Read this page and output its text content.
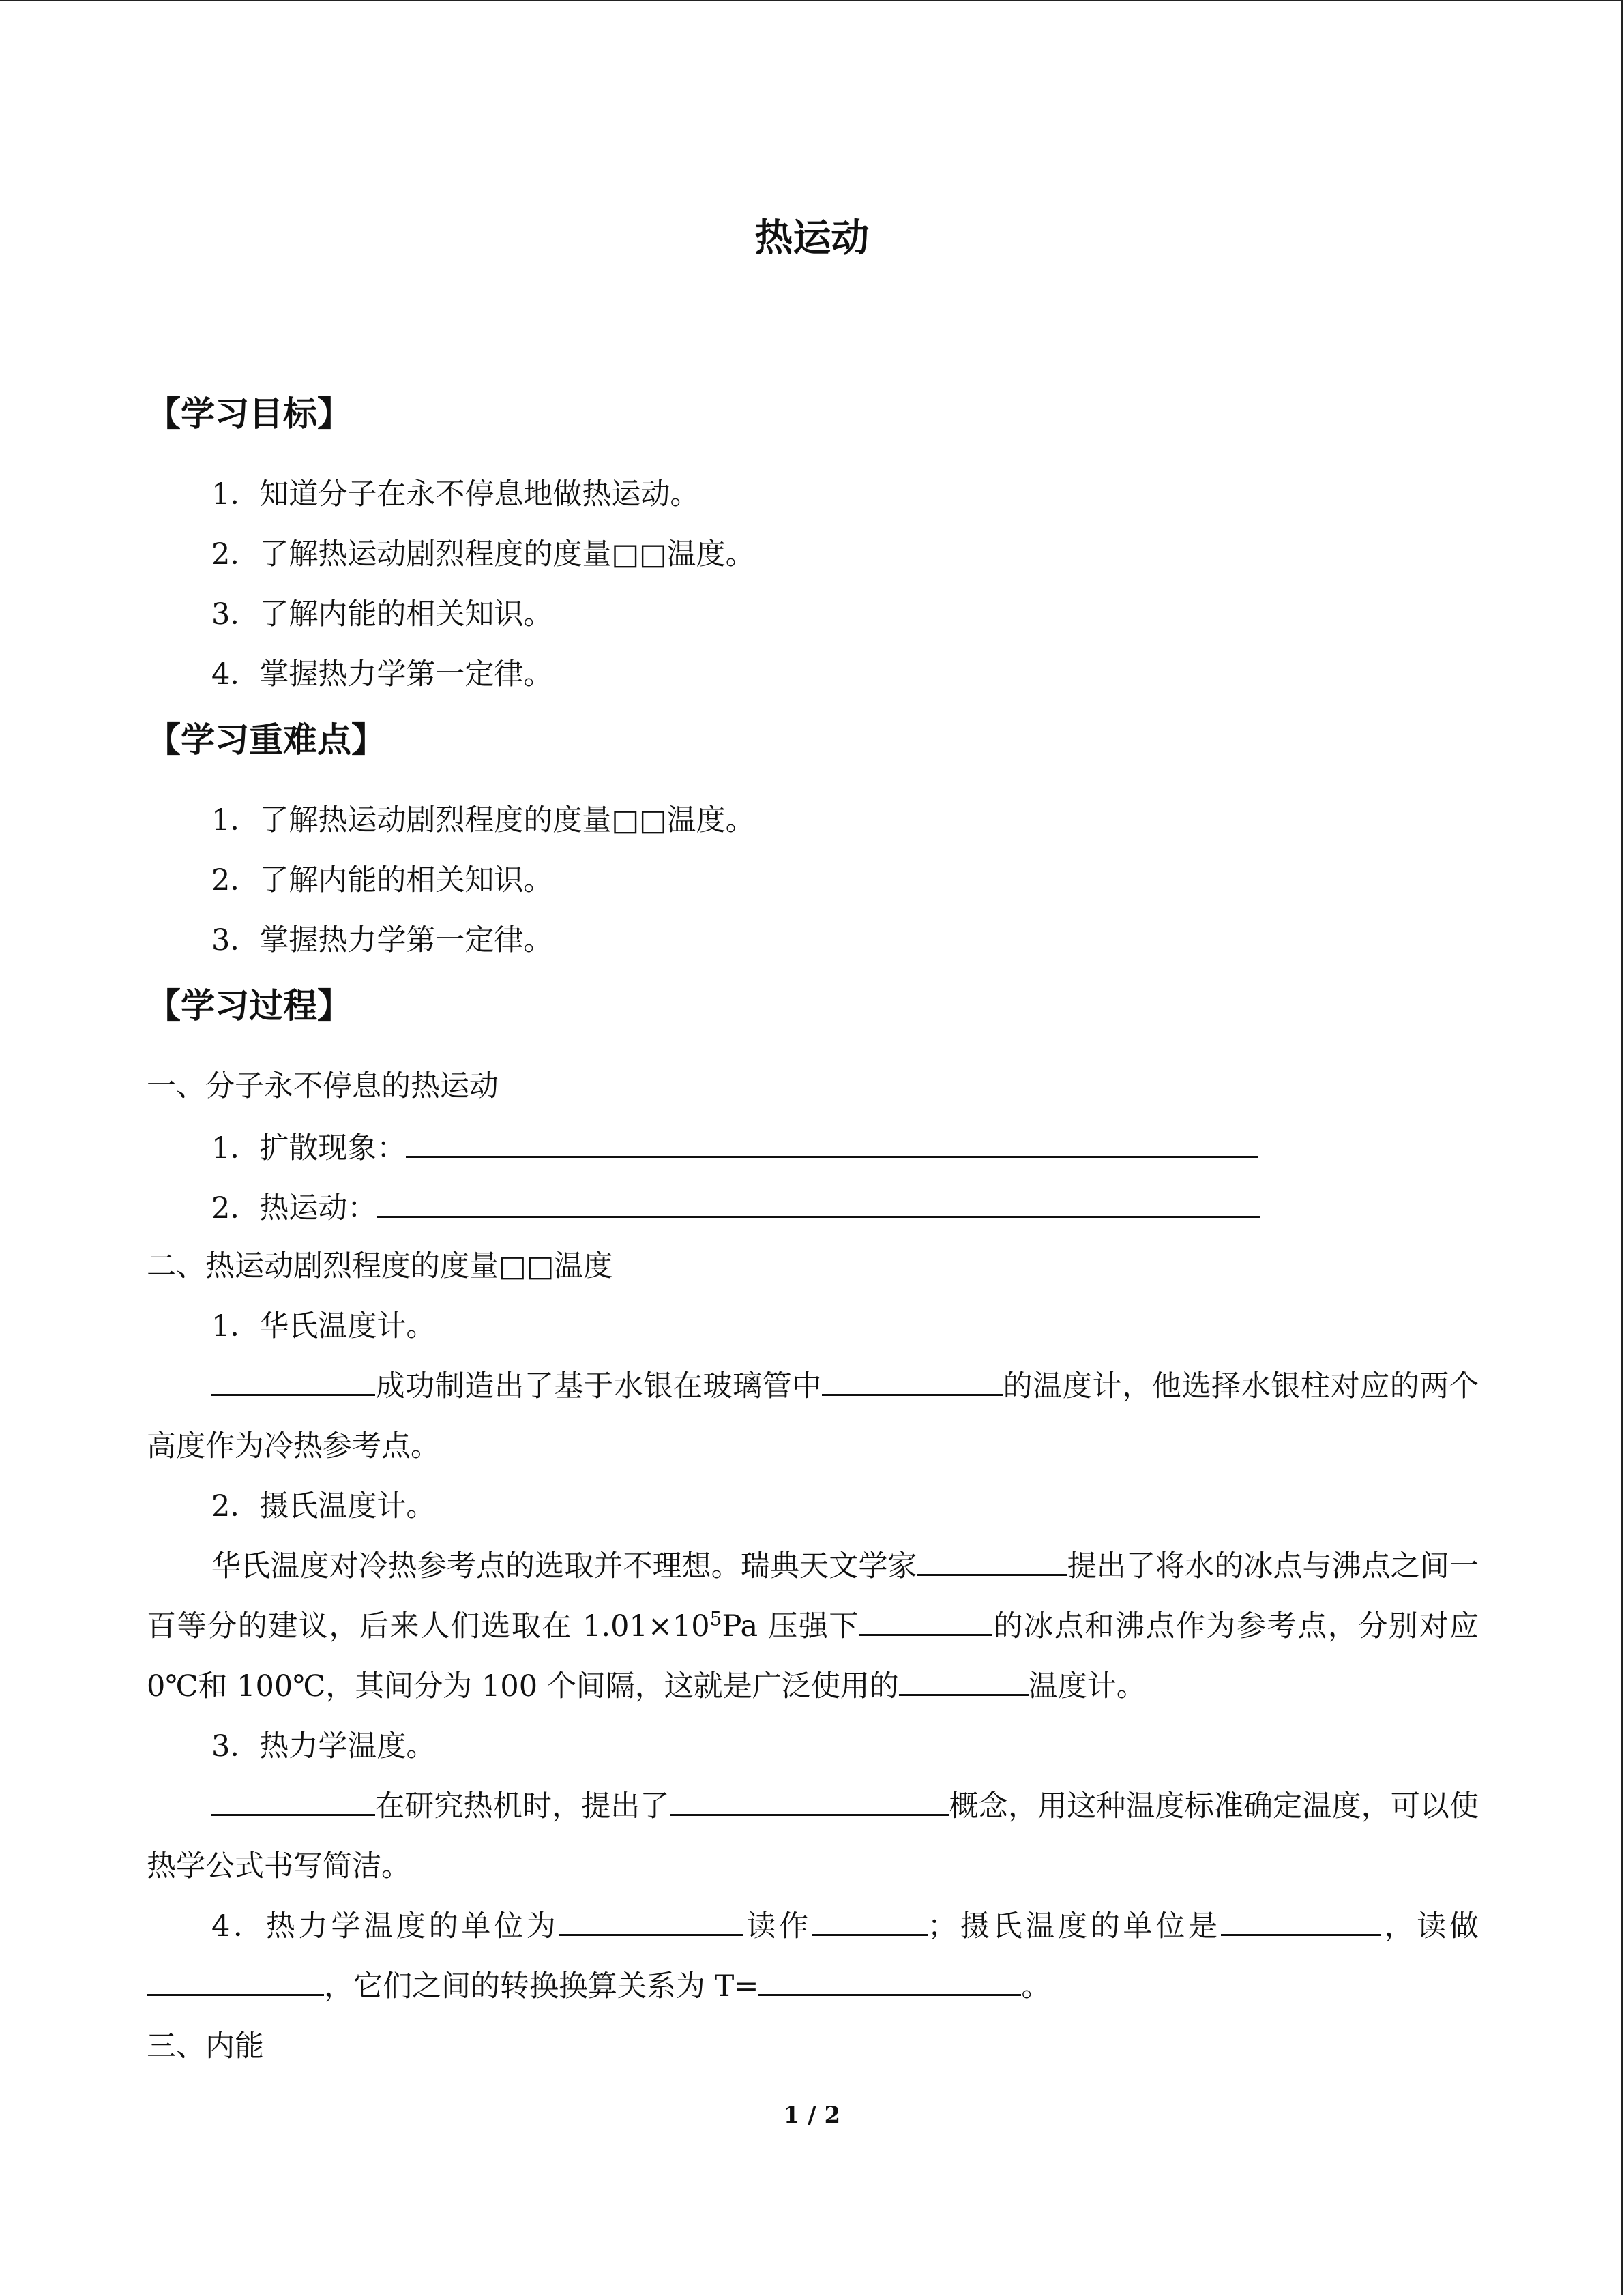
热运动
【学习目标】
1．知道分子在永不停息地做热运动。
2．了解热运动剧烈程度的度量□□温度。
3．了解内能的相关知识。
4．掌握热力学第一定律。
【学习重难点】
1．了解热运动剧烈程度的度量□□温度。
2．了解内能的相关知识。
3．掌握热力学第一定律。
【学习过程】
一、分子永不停息的热运动
1．扩散现象：
2．热运动：
二、热运动剧烈程度的度量□□温度
1．华氏温度计。
成功制造出了基于水银在玻璃管中	的温度计，他选择水银柱对应的两个高度作为冷热参考点。
2．摄氏温度计。
华氏温度对冷热参考点的选取并不理想。瑞典天文学家	提出了将水的冰点与沸点之间一百等分的建议，后来人们选取在 $1.01\times 10^5Pa$ 压强下	的冰点和沸点作为参考点，分别对应 0℃和 100℃，其间分为 100 个间隔，这就是广泛使用的	温度计。
3．热力学温度。
在研究热机时，提出了	概念，用这种温度标准确定温度，可以使热学公式书写简洁。
4．热力学温度的单位为	读作	；摄氏温度的单位是	，读做，它们之间的转换换算关系为 T=	。
三、内能
1 / 2
